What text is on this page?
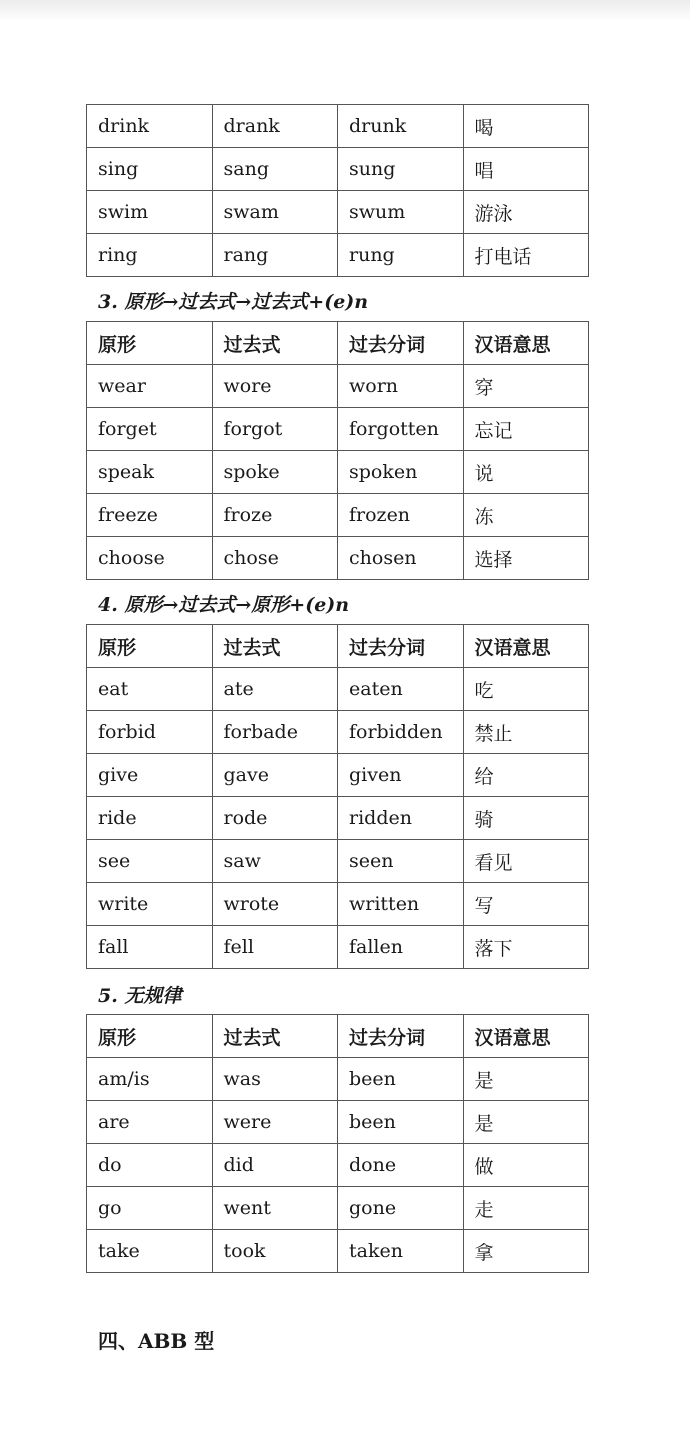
drink	drank	drunk	喝
sing	sang	sung	唱
swim	swam	swum	游泳
ring	rang	rung	打电话
3. 原形→过去式→过去式+(e)n
原形	过去式	过去分词	汉语意思
wear	wore	worn	穿
forget	forgot	forgotten	忘记
speak	spoke	spoken	说
freeze	froze	frozen	冻
choose	chose	chosen	选择
4. 原形→过去式→原形+(e)n
原形	过去式	过去分词	汉语意思
eat	ate	eaten	吃
forbid	forbade	forbidden	禁止
give	gave	given	给
ride	rode	ridden	骑
see	saw	seen	看见
write	wrote	written	写
fall	fell	fallen	落下
5. 无规律
原形	过去式	过去分词	汉语意思
am/is	was	been	是
are	were	been	是
do	did	done	做
go	went	gone	走
take	took	taken	拿
四、ABB 型
